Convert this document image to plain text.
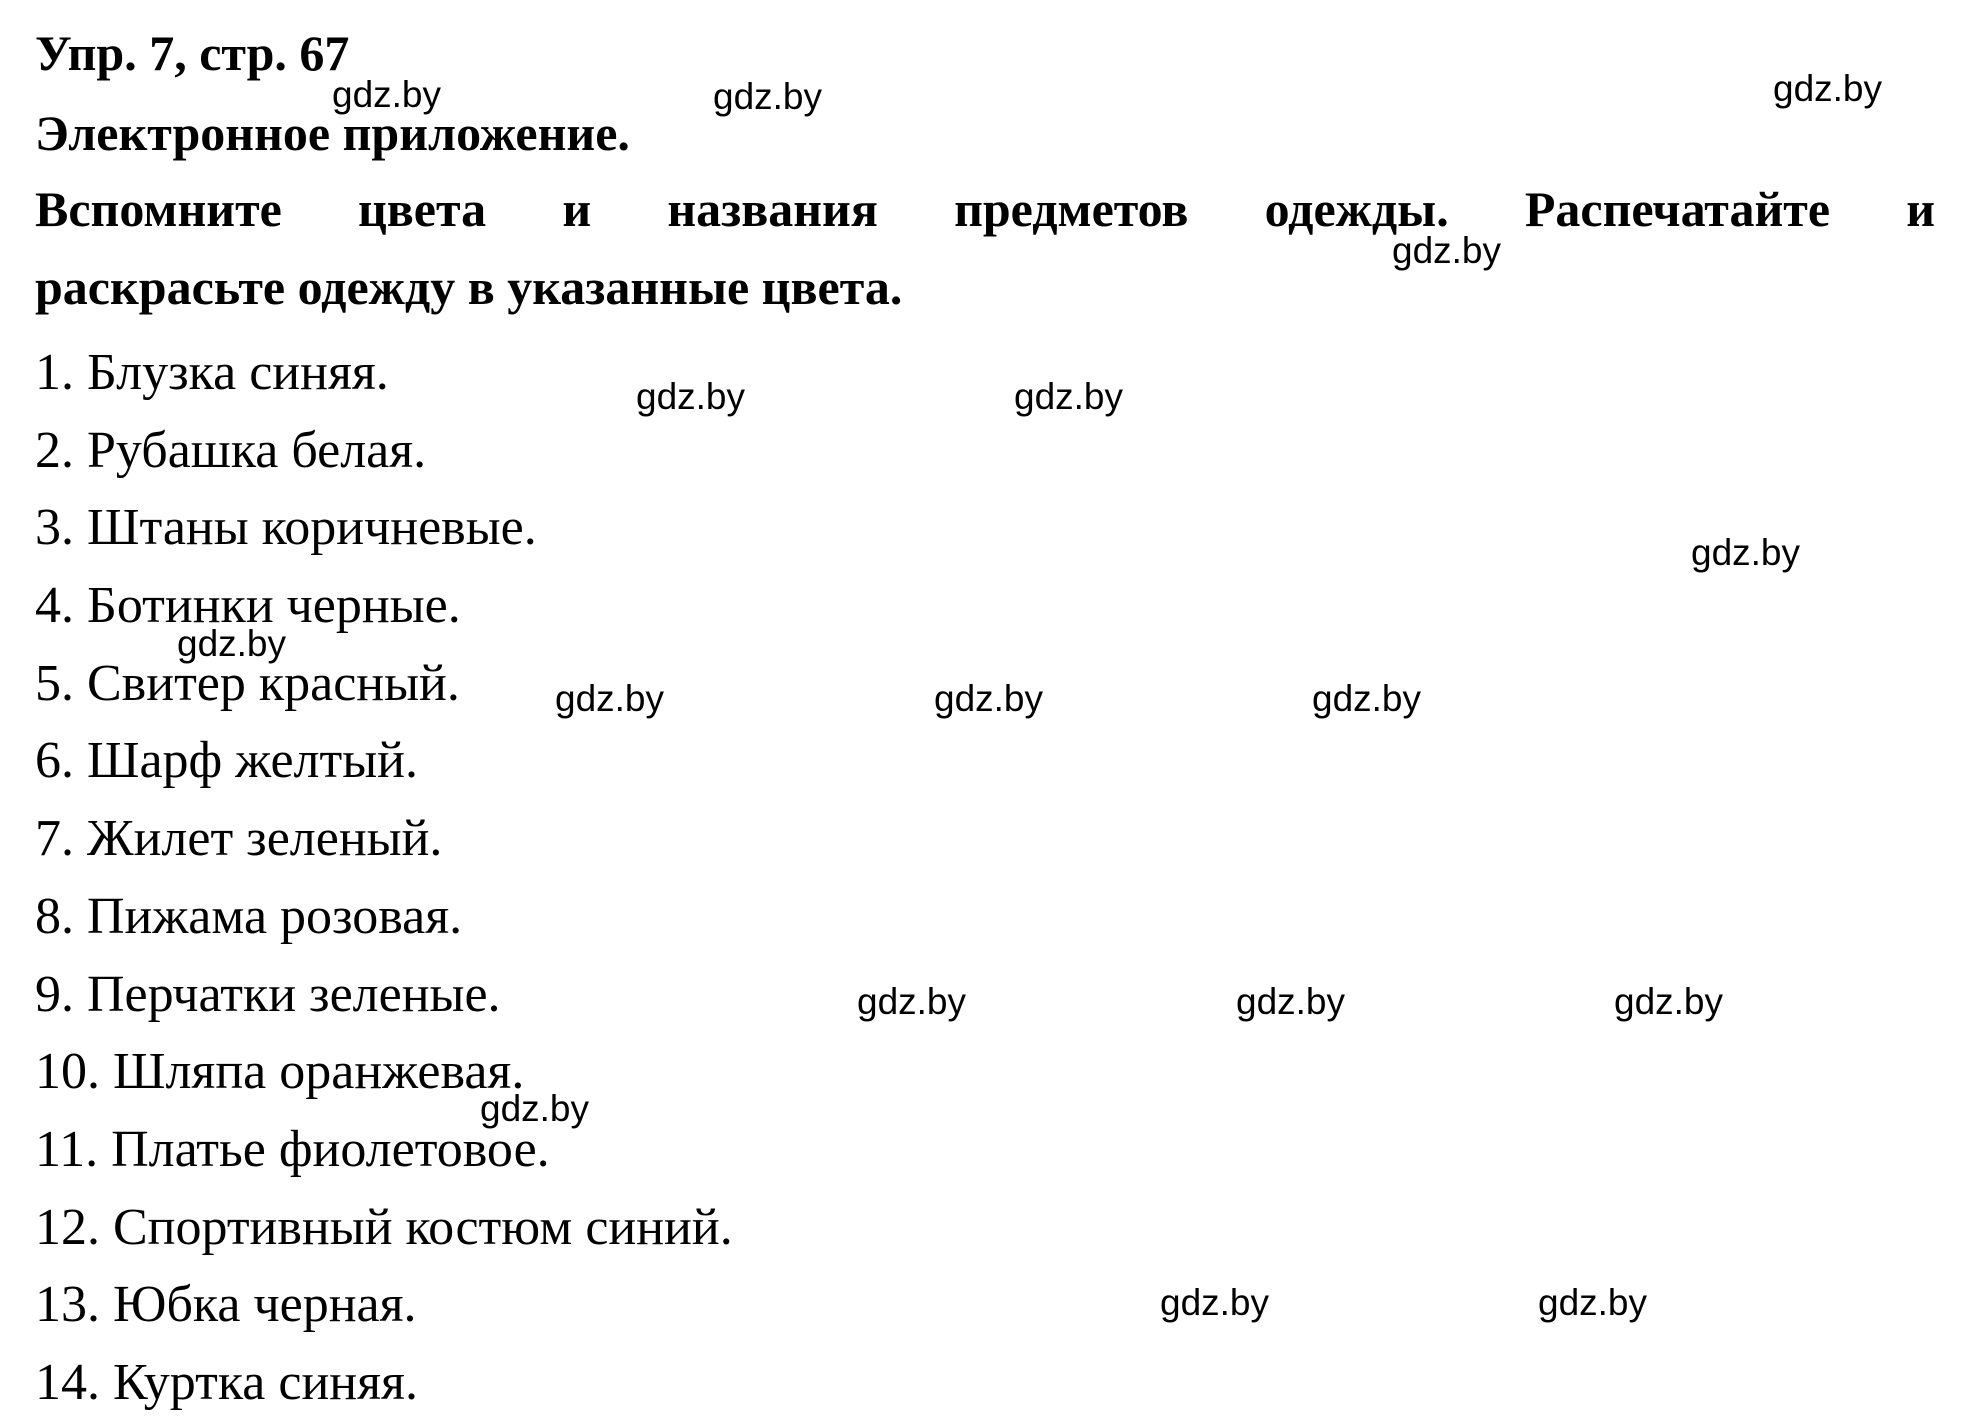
Упр. 7, стр. 67
Электронное приложение.
Вспомните цвета и названия предметов одежды. Распечатайте и
раскрасьте одежду в указанные цвета.
1. Блузка синяя.
2. Рубашка белая.
3. Штаны коричневые.
4. Ботинки черные.
5. Свитер красный.
6. Шарф желтый.
7. Жилет зеленый.
8. Пижама розовая.
9. Перчатки зеленые.
10. Шляпа оранжевая.
11. Платье фиолетовое.
12. Спортивный костюм синий.
13. Юбка черная.
14. Куртка синяя.
gdz.by	gdz.by	gdz.by
gdz.by
gdz.by	gdz.by
gdz.by
gdz.by
gdz.by	gdz.by	gdz.by
gdz.by	gdz.by	gdz.by
gdz.by
gdz.by	gdz.by
